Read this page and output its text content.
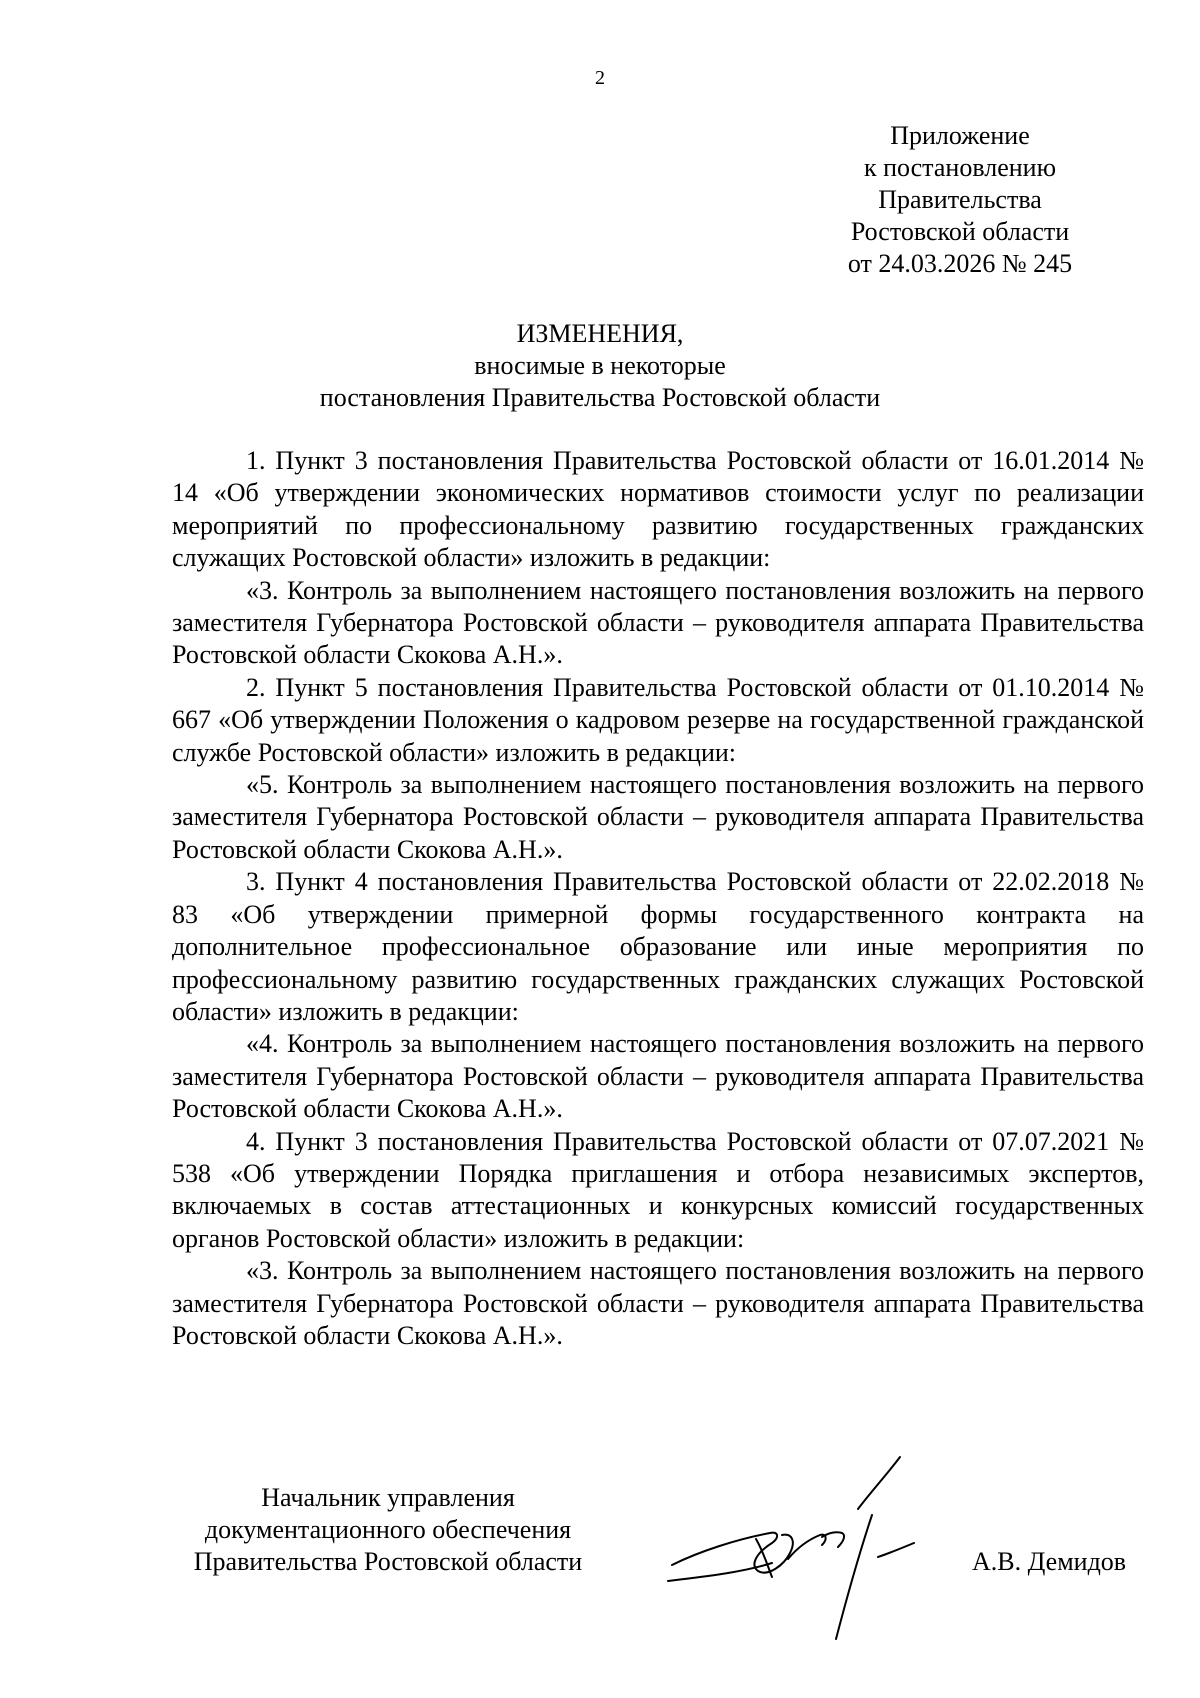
2
Приложение
к постановлению
Правительства
Ростовской области
от 24.03.2026 № 245
ИЗМЕНЕНИЯ,
вносимые в некоторые
постановления Правительства Ростовской области

1. Пункт 3 постановления Правительства Ростовской области от 16.01.2014 № 14 «Об утверждении экономических нормативов стоимости услуг по реализации мероприятий по профессиональному развитию государственных гражданских служащих Ростовской области» изложить в редакции:

«3. Контроль за выполнением настоящего постановления возложить на первого заместителя Губернатора Ростовской области – руководителя аппарата Правительства Ростовской области Скокова А.Н.».

2. Пункт 5 постановления Правительства Ростовской области от 01.10.2014 № 667 «Об утверждении Положения о кадровом резерве на государственной гражданской службе Ростовской области» изложить в редакции:

«5. Контроль за выполнением настоящего постановления возложить на первого заместителя Губернатора Ростовской области – руководителя аппарата Правительства Ростовской области Скокова А.Н.».

3. Пункт 4 постановления Правительства Ростовской области от 22.02.2018 № 83 «Об утверждении примерной формы государственного контракта на дополнительное профессиональное образование или иные мероприятия по профессиональному развитию государственных гражданских служащих Ростовской области» изложить в редакции:

«4. Контроль за выполнением настоящего постановления возложить на первого заместителя Губернатора Ростовской области – руководителя аппарата Правительства Ростовской области Скокова А.Н.».

4. Пункт 3 постановления Правительства Ростовской области от 07.07.2021 № 538 «Об утверждении Порядка приглашения и отбора независимых экспертов, включаемых в состав аттестационных и конкурсных комиссий государственных органов Ростовской области» изложить в редакции:

«3. Контроль за выполнением настоящего постановления возложить на первого заместителя Губернатора Ростовской области – руководителя аппарата Правительства Ростовской области Скокова А.Н.».

Начальник управления
документационного обеспечения
Правительства Ростовской области	А.В. Демидов
